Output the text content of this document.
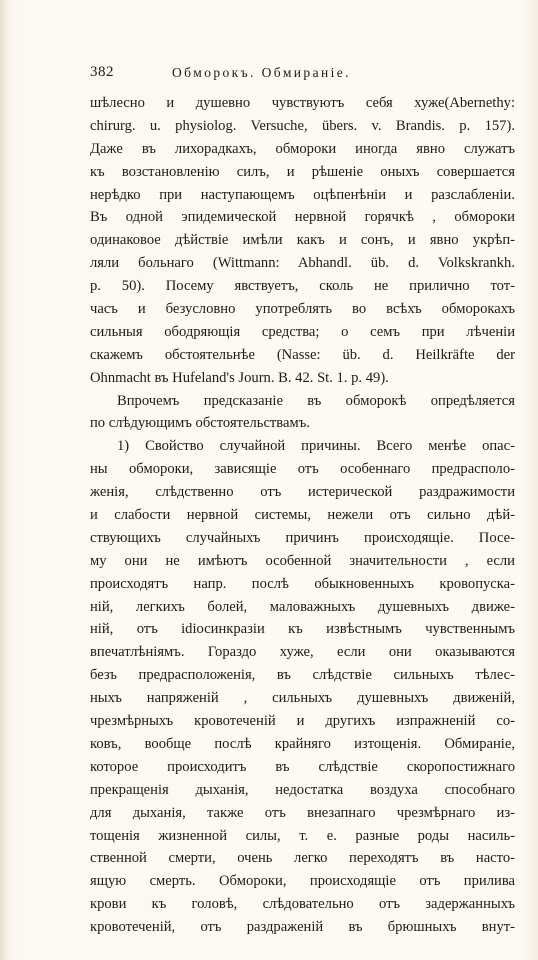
382	Обморокъ. Обмираніе.
шѣлесно и душевно чувствуютъ себя хуже(Abernethy:
chirurg. u. physiolog. Versuche, übers. v. Brandis. p. 157).
Даже въ лихорадкахъ, обмороки иногда явно служатъ
къ возстановленію силъ, и рѣшеніе оныхъ совершается
нерѣдко при наступающемъ оцѣпенѣніи и разслабленіи.
Въ одной эпидемической нервной горячкѣ , обмороки
одинаковое дѣйствіе имѣли какъ и сонъ, и явно укрѣп-
ляли больнаго (Wittmann: Abhandl. üb. d. Volkskrankh.
p. 50). Посему явствуетъ, сколь не прилично тот-
часъ и безусловно употреблять во всѣхъ обморокахъ
сильныя ободряющія средства; о семъ при лѣченіи
скажемъ обстоятельнѣе (Nasse: üb. d. Heilkräfte der
Ohnmacht въ Hufeland's Journ. B. 42. St. 1. p. 49).
Впрочемъ предсказаніе въ обморокѣ опредѣляется
по слѣдующимъ обстоятельствамъ.
1) Свойство случайной причины. Всего менѣе опас-
ны обмороки, зависящіе отъ особеннаго предрасполо-
женія, слѣдственно отъ истерической раздражимости
и слабости нервной системы, нежели отъ сильно дѣй-
ствующихъ случайныхъ причинъ происходящіе. Посе-
му они не имѣютъ особенной значительности , если
происходятъ напр. послѣ обыкновенныхъ кровопуска-
ній, легкихъ болей, маловажныхъ душевныхъ движе-
ній, отъ idіосинкразіи къ извѣстнымъ чувственнымъ
впечатлѣніямъ. Гораздо хуже, если они оказываются
безъ предрасположенія, въ слѣдствіе сильныхъ тѣлес-
ныхъ напряженій , сильныхъ душевныхъ движеній,
чрезмѣрныхъ кровотеченій и другихъ изпражненій со-
ковъ, вообще послѣ крайняго изтощенія. Обмираніе,
которое происходитъ въ слѣдствіе скоропостижнаго
прекращенія дыханія, недостатка воздуха способнаго
для дыханія, также отъ внезапнаго чрезмѣрнаго из-
тощенія жизненной силы, т. е. разные роды насиль-
ственной смерти, очень легко переходятъ въ насто-
ящую смерть. Обмороки, происходящіе отъ прилива
крови къ головѣ, слѣдовательно отъ задержанныхъ
кровотеченій, отъ раздраженій въ брюшныхъ внут-
